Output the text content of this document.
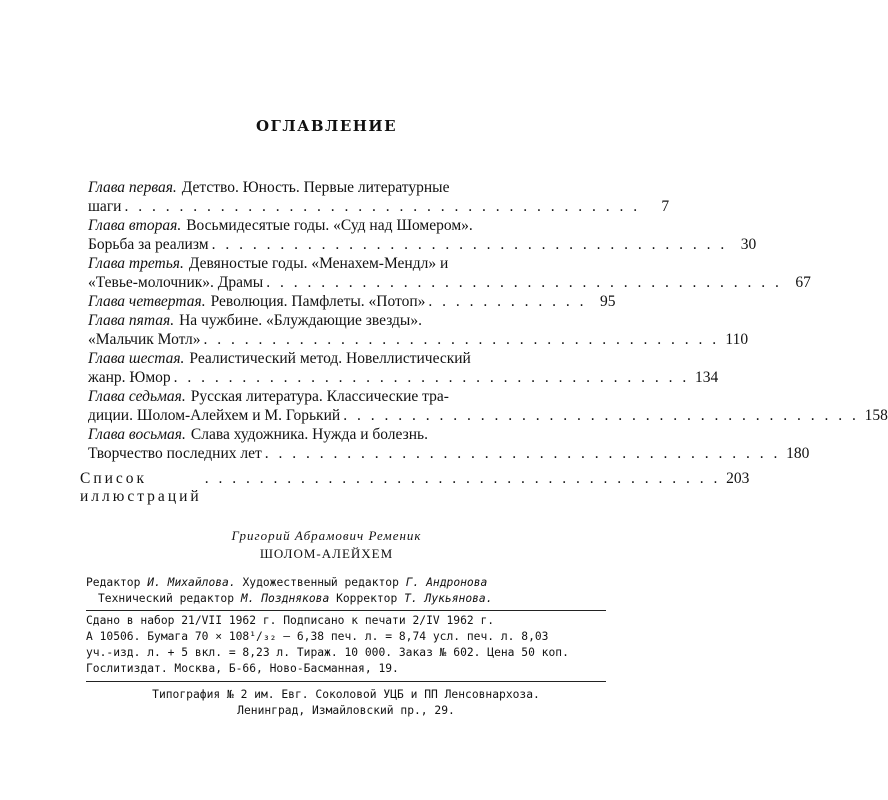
ОГЛАВЛЕНИЕ
Глава первая. Детство. Юность. Первые литературные
шаги . . . . . . . . . . . . . . . . . . . . . . . . . . . . . . . . . . . . . .	7
Глава вторая. Восьмидесятые годы. «Суд над Шомером».
Борьба за реализм . . . . . . . . . . . . . . . . . . . . . . . . . . . . . . . . . . . . . . 30
Глава третья. Девяностые годы. «Менахем-Мендл» и
«Тевье-молочник». Драмы . . . . . . . . . . . . . . . . . . . . . . . . . . . . . . . . . . . . . . 67
Глава четвертая. Революция. Памфлеты. «Потоп» . . . . . . . . . . . . 95
Глава пятая. На чужбине. «Блуждающие звезды».
«Мальчик Мотл» . . . . . . . . . . . . . . . . . . . . . . . . . . . . . . . . . . . . . . 110
Глава шестая. Реалистический метод. Новеллистический
жанр. Юмор . . . . . . . . . . . . . . . . . . . . . . . . . . . . . . . . . . . . . . 134
Глава седьмая. Русская литература. Классические тра-
диции. Шолом-Алейхем и М. Горький . . . . . . . . . . . . . . . . . . . . . . . . . . . . . . . . . . . . . . 158
Глава восьмая. Слава художника. Нужда и болезнь.
Творчество последних лет . . . . . . . . . . . . . . . . . . . . . . . . . . . . . . . . . . . . . . 180
Список иллюстраций
. . . . . . . . . . . . . . . . . . . . . . . . . . . . . . . . . . . . . . 203
Григорий Абрамович Ременик
ШОЛОМ-АЛЕЙХЕМ
Редактор И. Михайлова. Художественный редактор Г. Андронова
Технический редактор М. Позднякова Корректор Т. Лукьянова.
Сдано в набор 21/VII 1962 г. Подписано к печати 2/IV 1962 г.
А 10506. Бумага 70 × 108¹/₃₂ — 6,38 печ. л. = 8,74 усл. печ. л. 8,03
уч.-изд. л. + 5 вкл. = 8,23 л. Тираж. 10 000. Заказ № 602. Цена 50 коп.
Гослитиздат. Москва, Б-66, Ново-Басманная, 19.
Типография № 2 им. Евг. Соколовой УЦБ и ПП Ленсовнархоза.
Ленинград, Измайловский пр., 29.
